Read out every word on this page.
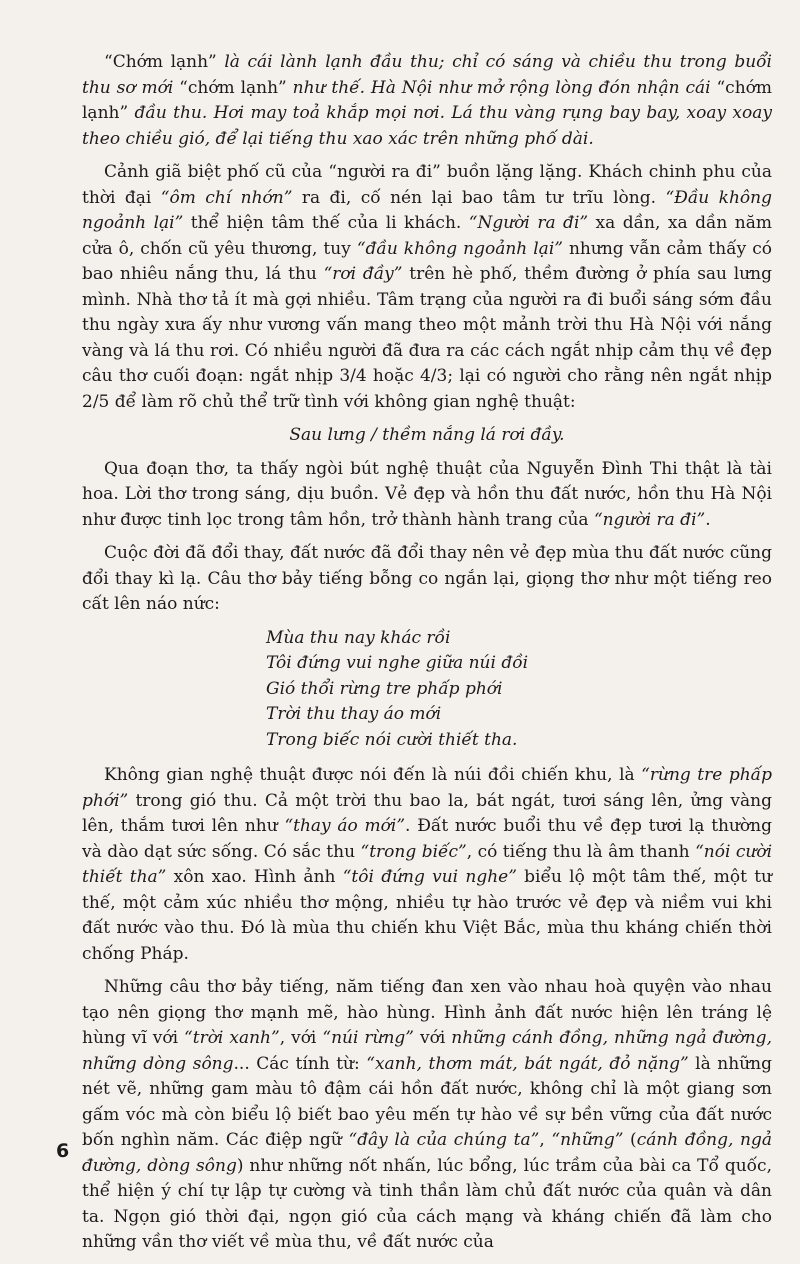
“Chớm lạnh” là cái lành lạnh đầu thu; chỉ có sáng và chiều thu trong buổi thu sơ mới “chớm lạnh” như thế. Hà Nội như mở rộng lòng đón nhận cái “chớm lạnh” đầu thu. Hơi may toả khắp mọi nơi. Lá thu vàng rụng bay bay, xoay xoay theo chiều gió, để lại tiếng thu xao xác trên những phố dài.

Cảnh giã biệt phố cũ của “người ra đi” buồn lặng lặng. Khách chinh phu của thời đại “ôm chí nhớn” ra đi, cố nén lại bao tâm tư trĩu lòng. “Đầu không ngoảnh lại” thể hiện tâm thế của li khách. “Người ra đi” xa dần, xa dần năm cửa ô, chốn cũ yêu thương, tuy “đầu không ngoảnh lại” nhưng vẫn cảm thấy có bao nhiêu nắng thu, lá thu “rơi đầy” trên hè phố, thềm đường ở phía sau lưng mình. Nhà thơ tả ít mà gợi nhiều. Tâm trạng của người ra đi buổi sáng sớm đầu thu ngày xưa ấy như vương vấn mang theo một mảnh trời thu Hà Nội với nắng vàng và lá thu rơi. Có nhiều người đã đưa ra các cách ngắt nhịp cảm thụ về đẹp câu thơ cuối đoạn: ngắt nhịp 3/4 hoặc 4/3; lại có người cho rằng nên ngắt nhịp 2/5 để làm rõ chủ thể trữ tình với không gian nghệ thuật:

Sau lưng / thềm nắng lá rơi đầy.

Qua đoạn thơ, ta thấy ngòi bút nghệ thuật của Nguyễn Đình Thi thật là tài hoa. Lời thơ trong sáng, dịu buồn. Vẻ đẹp và hồn thu đất nước, hồn thu Hà Nội như được tinh lọc trong tâm hồn, trở thành hành trang của “người ra đi”.

Cuộc đời đã đổi thay, đất nước đã đổi thay nên vẻ đẹp mùa thu đất nước cũng đổi thay kì lạ. Câu thơ bảy tiếng bỗng co ngắn lại, giọng thơ như một tiếng reo cất lên náo nức:

Mùa thu nay khác rồi
Tôi đứng vui nghe giữa núi đồi
Gió thổi rừng tre phấp phới
Trời thu thay áo mới
Trong biếc nói cười thiết tha.

Không gian nghệ thuật được nói đến là núi đồi chiến khu, là “rừng tre phấp phới” trong gió thu. Cả một trời thu bao la, bát ngát, tươi sáng lên, ửng vàng lên, thắm tươi lên như “thay áo mới”. Đất nước buổi thu về đẹp tươi lạ thường và dào dạt sức sống. Có sắc thu “trong biếc”, có tiếng thu là âm thanh “nói cười thiết tha” xôn xao. Hình ảnh “tôi đứng vui nghe” biểu lộ một tâm thế, một tư thế, một cảm xúc nhiều thơ mộng, nhiều tự hào trước vẻ đẹp và niềm vui khi đất nước vào thu. Đó là mùa thu chiến khu Việt Bắc, mùa thu kháng chiến thời chống Pháp.

Những câu thơ bảy tiếng, năm tiếng đan xen vào nhau hoà quyện vào nhau tạo nên giọng thơ mạnh mẽ, hào hùng. Hình ảnh đất nước hiện lên tráng lệ hùng vĩ với “trời xanh”, với “núi rừng” với những cánh đồng, những ngả đường, những dòng sông... Các tính từ: “xanh, thơm mát, bát ngát, đỏ nặng” là những nét vẽ, những gam màu tô đậm cái hồn đất nước, không chỉ là một giang sơn gấm vóc mà còn biểu lộ biết bao yêu mến tự hào về sự bền vững của đất nước bốn nghìn năm. Các điệp ngữ “đây là của chúng ta”, “những” (cánh đồng, ngả đường, dòng sông) như những nốt nhấn, lúc bổng, lúc trầm của bài ca Tổ quốc, thể hiện ý chí tự lập tự cường và tinh thần làm chủ đất nước của quân và dân ta. Ngọn gió thời đại, ngọn gió của cách mạng và kháng chiến đã làm cho những vần thơ viết về mùa thu, về đất nước của

6
